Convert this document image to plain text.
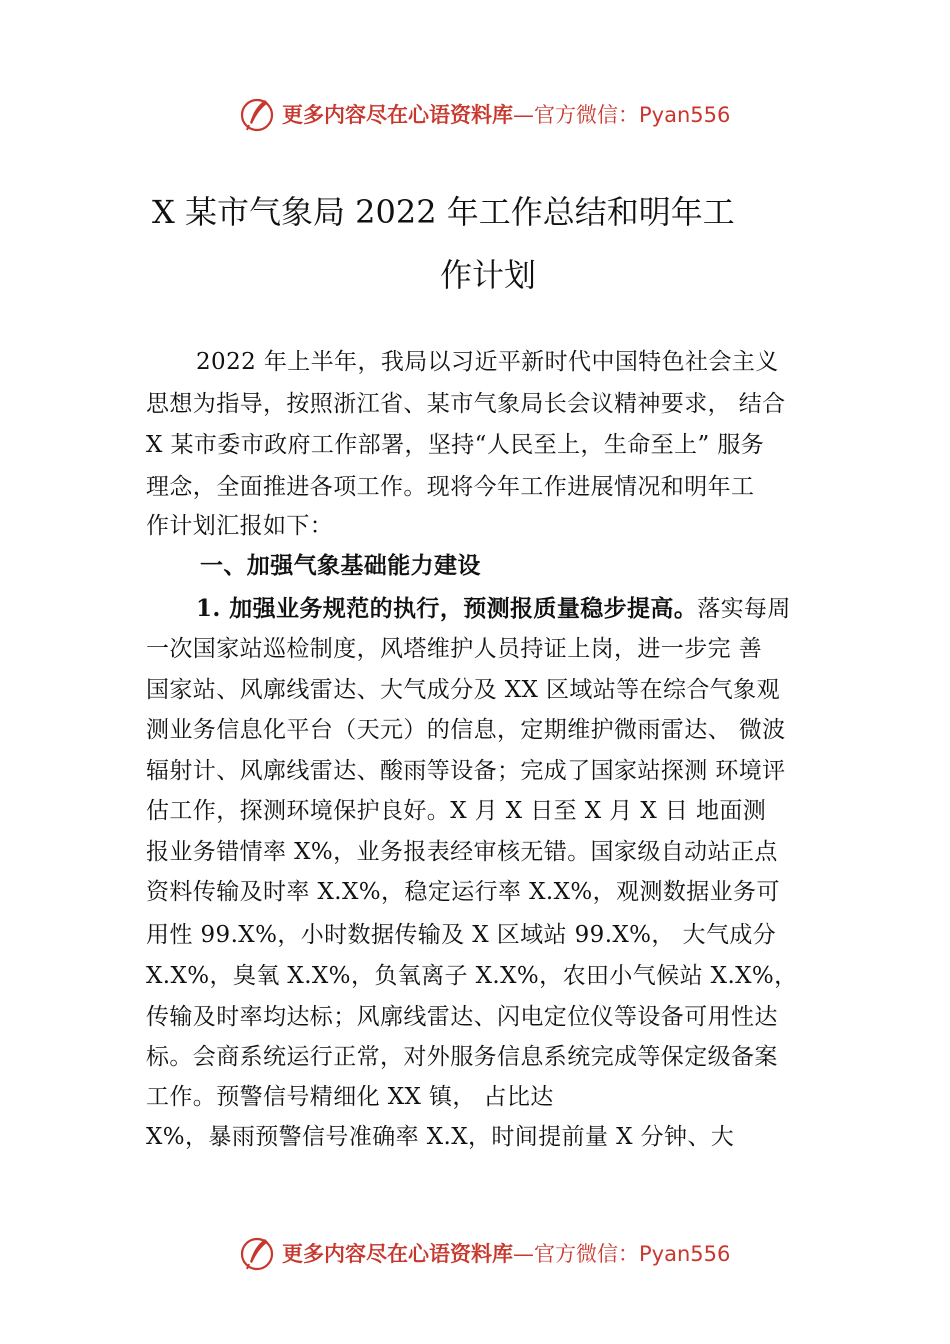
更多内容尽在心语资料库—官方微信：Pyan556
X 某市气象局 2022 年工作总结和明年工
作计划
2022 年上半年，我局以习近平新时代中国特色社会主义
思想为指导，按照浙江省、某市气象局长会议精神要求， 结合
X 某市委市政府工作部署，坚持“人民至上，生命至上” 服务
理念，全面推进各项工作。现将今年工作进展情况和明年工
作计划汇报如下：
一、加强气象基础能力建设
1. 加强业务规范的执行，预测报质量稳步提高。落实每周
一次国家站巡检制度，风塔维护人员持证上岗，进一步完 善
国家站、风廓线雷达、大气成分及 XX 区域站等在综合气象观
测业务信息化平台（天元）的信息，定期维护微雨雷达、 微波
辐射计、风廓线雷达、酸雨等设备；完成了国家站探测 环境评
估工作，探测环境保护良好。X 月 X 日至 X 月 X 日 地面测
报业务错情率 X%，业务报表经审核无错。国家级自动站正点
资料传输及时率 X.X%，稳定运行率 X.X%，观测数据业务可
用性 99.X%，小时数据传输及 X 区域站 99.X%， 大气成分
X.X%，臭氧 X.X%，负氧离子 X.X%，农田小气候站 X.X%，
传输及时率均达标；风廓线雷达、闪电定位仪等设备可用性达
标。会商系统运行正常，对外服务信息系统完成等保定级备案
工作。预警信号精细化 XX 镇， 占比达
X%，暴雨预警信号准确率 X.X，时间提前量 X 分钟、大
更多内容尽在心语资料库—官方微信：Pyan556
